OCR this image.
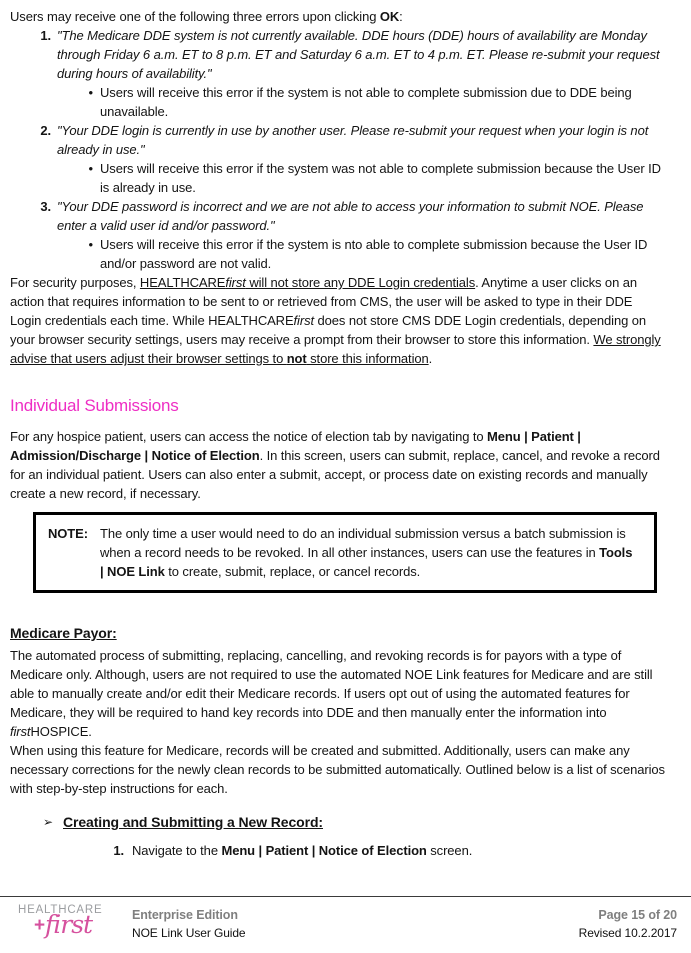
Users may receive one of the following three errors upon clicking OK:

1. "The Medicare DDE system is not currently available. DDE hours (DDE) hours of availability are Monday through Friday 6 a.m. ET to 8 p.m. ET and Saturday 6 a.m. ET to 4 p.m. ET. Please re-submit your request during hours of availability."
• Users will receive this error if the system is not able to complete submission due to DDE being unavailable.
2. "Your DDE login is currently in use by another user. Please re-submit your request when your login is not already in use."
• Users will receive this error if the system was not able to complete submission because the User ID is already in use.
3. "Your DDE password is incorrect and we are not able to access your information to submit NOE. Please enter a valid user id and/or password."
• Users will receive this error if the system is nto able to complete submission because the User ID and/or password are not valid.

For security purposes, HEALTHCAREfirst will not store any DDE Login credentials. Anytime a user clicks on an action that requires information to be sent to or retrieved from CMS, the user will be asked to type in their DDE Login credentials each time. While HEALTHCAREfirst does not store CMS DDE Login credentials, depending on your browser security settings, users may receive a prompt from their browser to store this information. We strongly advise that users adjust their browser settings to not store this information.

Individual Submissions

For any hospice patient, users can access the notice of election tab by navigating to Menu | Patient | Admission/Discharge | Notice of Election. In this screen, users can submit, replace, cancel, and revoke a record for an individual patient. Users can also enter a submit, accept, or process date on existing records and manually create a new record, if necessary.

NOTE: The only time a user would need to do an individual submission versus a batch submission is when a record needs to be revoked. In all other instances, users can use the features in Tools | NOE Link to create, submit, replace, or cancel records.
Medicare Payor:

The automated process of submitting, replacing, cancelling, and revoking records is for payors with a type of Medicare only. Although, users are not required to use the automated NOE Link features for Medicare and are still able to manually create and/or edit their Medicare records. If users opt out of using the automated features for Medicare, they will be required to hand key records into DDE and then manually enter the information into firstHOSPICE.

When using this feature for Medicare, records will be created and submitted. Additionally, users can make any necessary corrections for the newly clean records to be submitted automatically. Outlined below is a list of scenarios with step-by-step instructions for each.

➢ Creating and Submitting a New Record:
1. Navigate to the Menu | Patient | Notice of Election screen.
HEALTHCARE
+first	Enterprise Edition
NOE Link User Guide
Page 15 of 20
Revised 10.2.2017
